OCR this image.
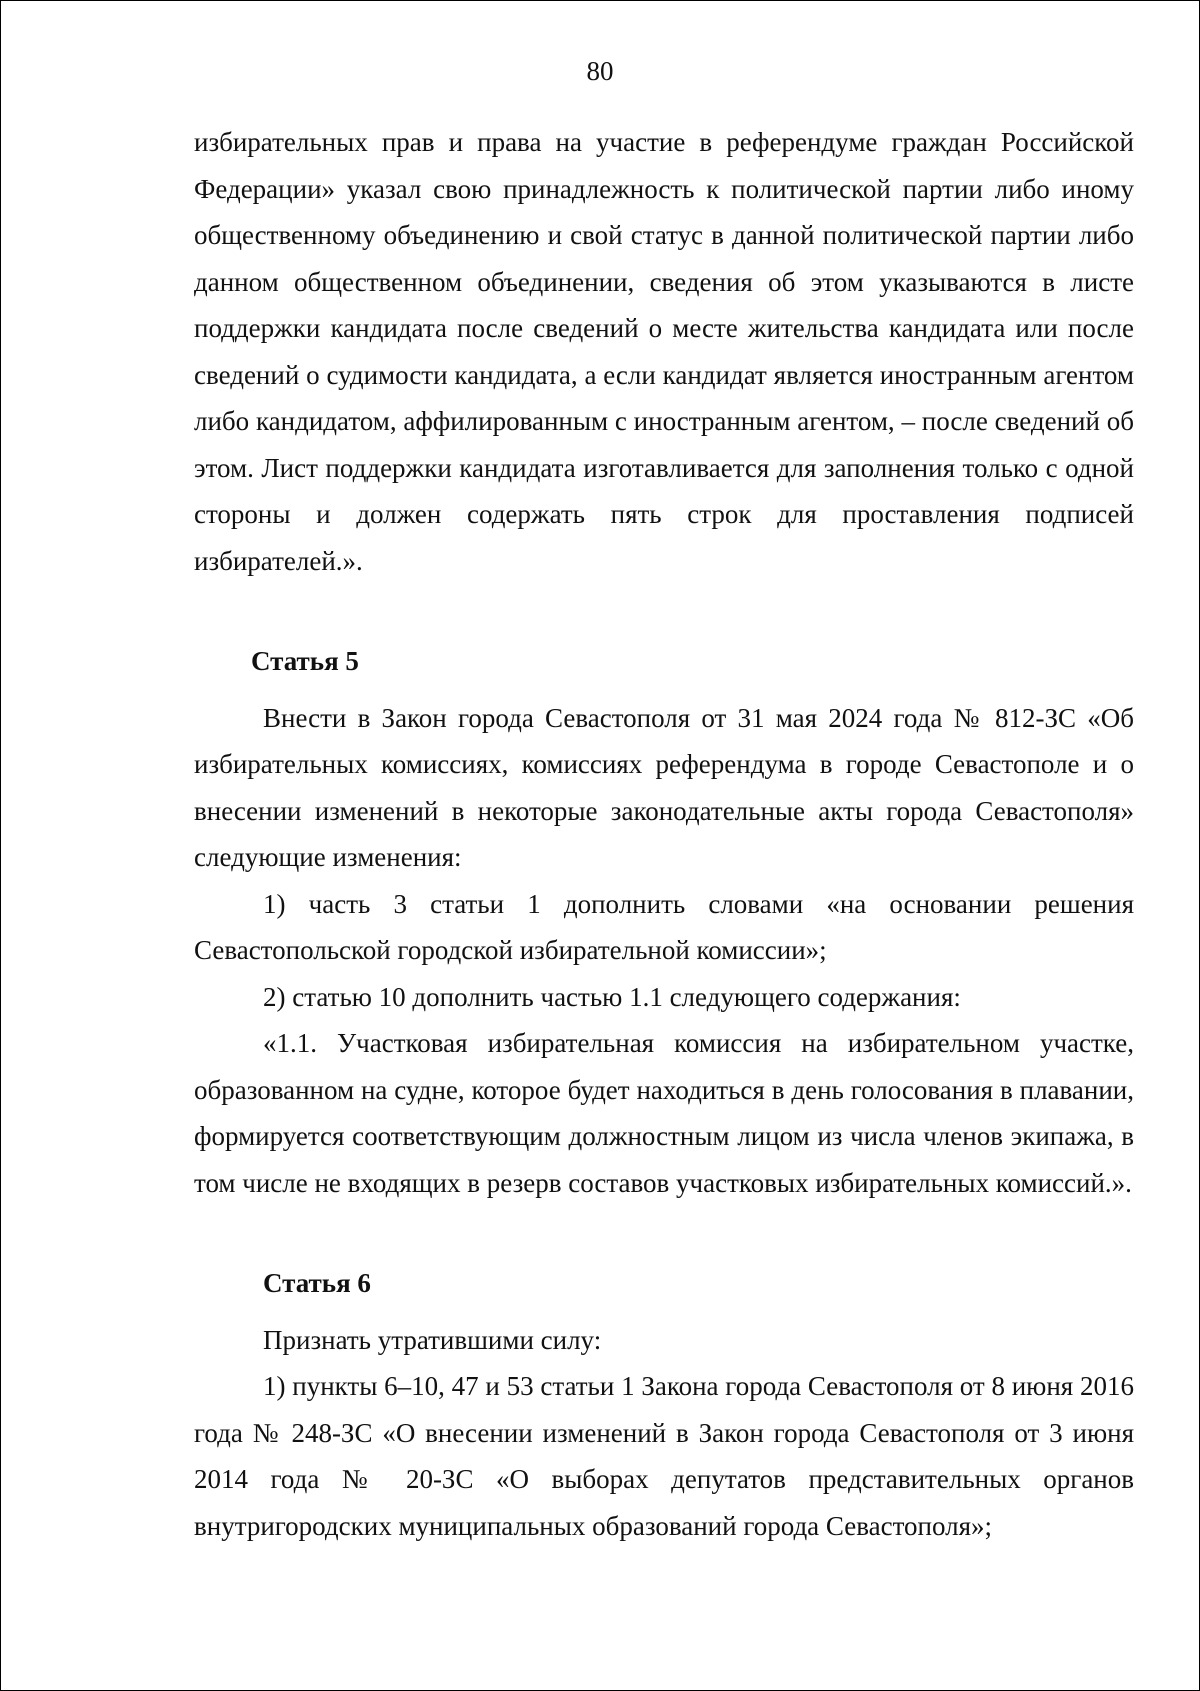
80

избирательных прав и права на участие в референдуме граждан Российской Федерации» указал свою принадлежность к политической партии либо иному общественному объединению и свой статус в данной политической партии либо данном общественном объединении, сведения об этом указываются в листе поддержки кандидата после сведений о месте жительства кандидата или после сведений о судимости кандидата, а если кандидат является иностранным агентом либо кандидатом, аффилированным с иностранным агентом, – после сведений об этом. Лист поддержки кандидата изготавливается для заполнения только с одной стороны и должен содержать пять строк для проставления подписей избирателей.».

Статья 5

Внести в Закон города Севастополя от 31 мая 2024 года № 812-ЗС «Об избирательных комиссиях, комиссиях референдума в городе Севастополе и о внесении изменений в некоторые законодательные акты города Севастополя» следующие изменения:

1) часть 3 статьи 1 дополнить словами «на основании решения Севастопольской городской избирательной комиссии»;

2) статью 10 дополнить частью 1.1 следующего содержания:

«1.1. Участковая избирательная комиссия на избирательном участке, образованном на судне, которое будет находиться в день голосования в плавании, формируется соответствующим должностным лицом из числа членов экипажа, в том числе не входящих в резерв составов участковых избирательных комиссий.».

Статья 6

Признать утратившими силу:

1) пункты 6–10, 47 и 53 статьи 1 Закона города Севастополя от 8 июня 2016 года № 248-ЗС «О внесении изменений в Закон города Севастополя от 3 июня 2014 года № 20-ЗС «О выборах депутатов представительных органов внутригородских муниципальных образований города Севастополя»;
